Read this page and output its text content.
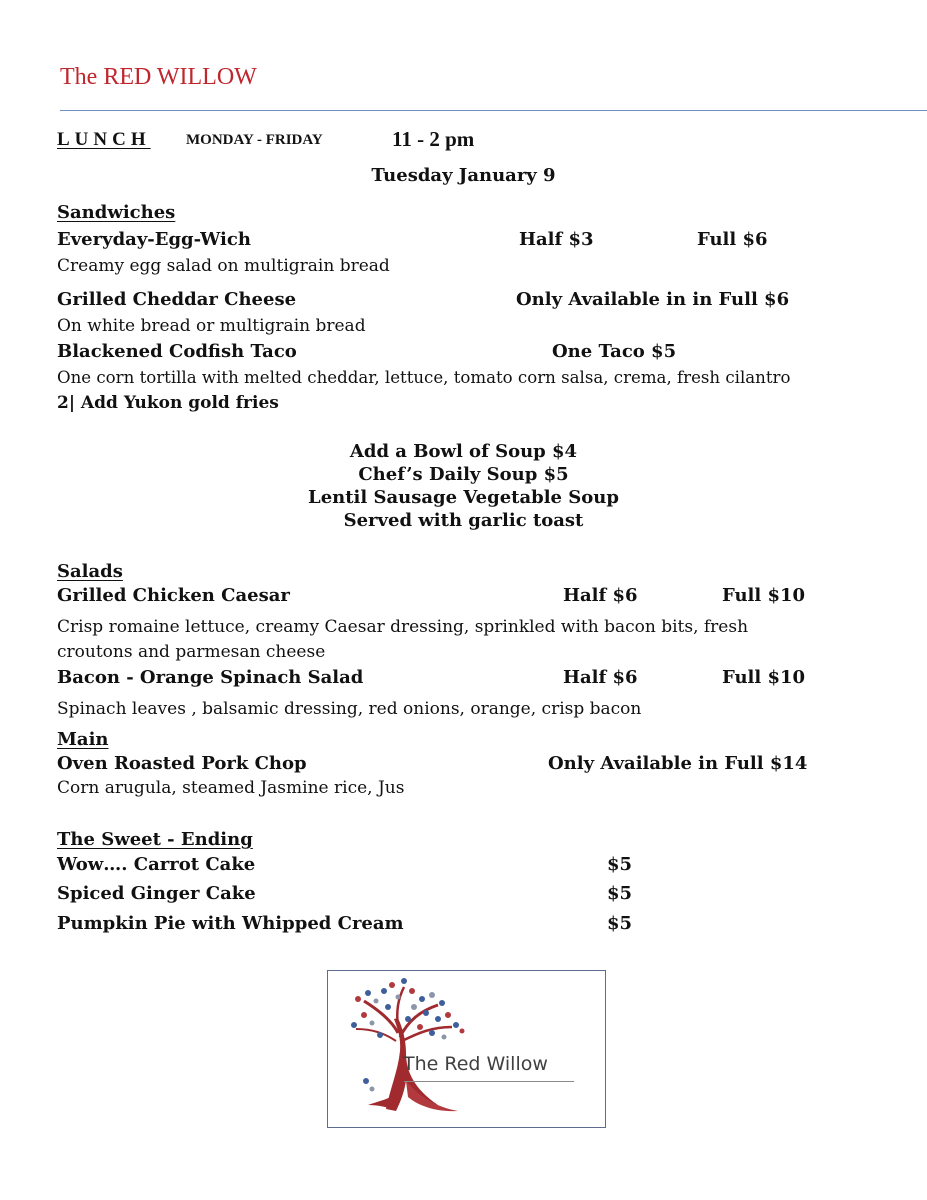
The RED WILLOW
LUNCH MONDAY - FRIDAY	11 - 2 pm
Tuesday January 9
Sandwiches
Everyday-Egg-Wich	Half $3	Full $6
Creamy egg salad on multigrain bread
Grilled Cheddar Cheese	Only Available in in Full $6
On white bread or multigrain bread
Blackened Codfish Taco	One Taco $5
One corn tortilla with melted cheddar, lettuce, tomato corn salsa, crema, fresh cilantro
2| Add Yukon gold fries
Add a Bowl of Soup $4
Chef’s Daily Soup $5
Lentil Sausage Vegetable Soup
Served with garlic toast
Salads
Grilled Chicken Caesar	Half $6	Full $10
Crisp romaine lettuce, creamy Caesar dressing, sprinkled with bacon bits, fresh
croutons and parmesan cheese
Bacon - Orange Spinach Salad	Half $6	Full $10
Spinach leaves , balsamic dressing, red onions, orange, crisp bacon
Main
Oven Roasted Pork Chop	Only Available in Full $14
Corn arugula, steamed Jasmine rice, Jus
The Sweet - Ending
Wow…. Carrot Cake	$5
Spiced Ginger Cake	$5
Pumpkin Pie with Whipped Cream	$5
The Red Willow
